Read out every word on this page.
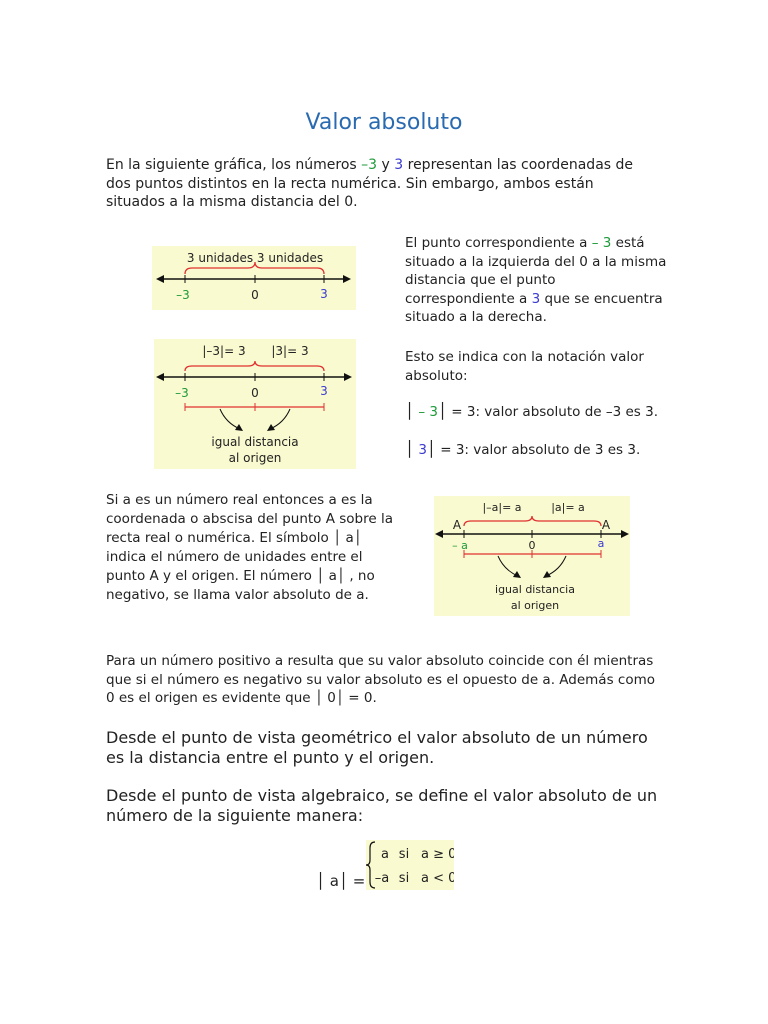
Valor absoluto
En la siguiente gráfica, los números –3 y 3 representan las coordenadas de dos puntos distintos en la recta numérica. Sin embargo, ambos están situados a la misma distancia del 0.
3 unidades 3 unidades
–3	0	3
|–3|= 3 |3|= 3
–3	0	3
igual distancia
al origen
El punto correspondiente a – 3 está situado a la izquierda del 0 a la misma distancia que el punto correspondiente a 3 que se encuentra situado a la derecha.
Esto se indica con la notación valor absoluto:
│ – 3│ = 3: valor absoluto de –3 es 3.
│ 3│ = 3: valor absoluto de 3 es 3.
Si a es un número real entonces a es la coordenada o abscisa del punto A sobre la recta real o numérica. El símbolo │ a│ indica el número de unidades entre el punto A y el origen. El número │ a│ , no negativo, se llama valor absoluto de a.
|–a|= a	|a|= a
A	A
– a	0	a
igual distancia
al origen
Para un número positivo a resulta que su valor absoluto coincide con él mientras que si el número es negativo su valor absoluto es el opuesto de a. Además como 0 es el origen es evidente que │ 0│ = 0.
Desde el punto de vista geométrico el valor absoluto de un número es la distancia entre el punto y el origen.
Desde el punto de vista algebraico, se define el valor absoluto de un número de la siguiente manera:
│ a│ =
a si a ≥ 0
–a si a < 0
